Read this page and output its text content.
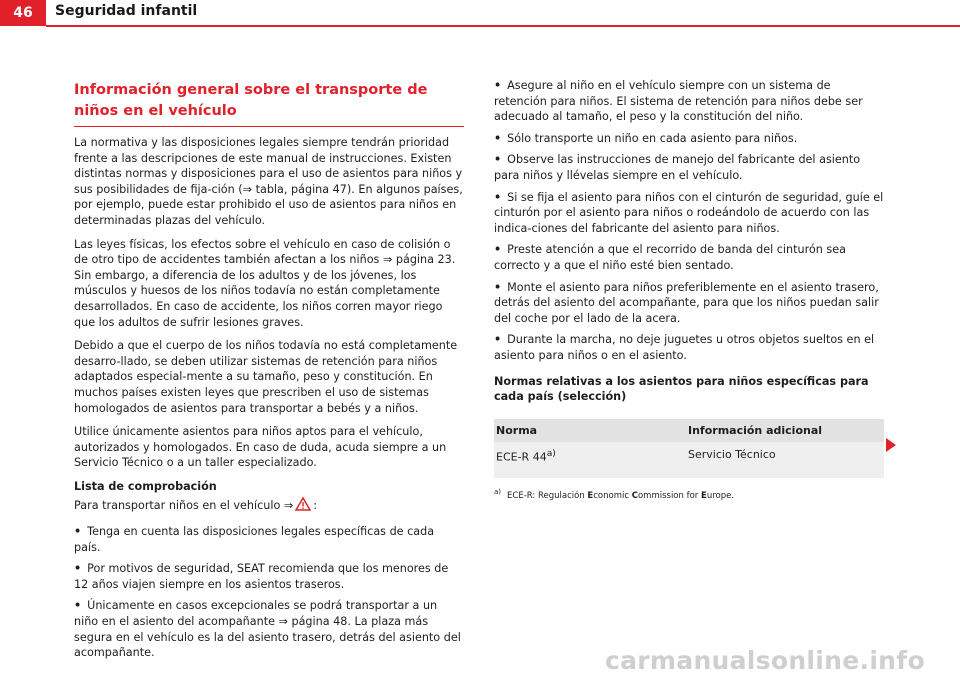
46	Seguridad infantil
Información general sobre el transporte de niños en el vehículo

La normativa y las disposiciones legales siempre tendrán prioridad frente a las descripciones de este manual de instrucciones. Existen distintas normas y disposiciones para el uso de asientos para niños y sus posibilidades de fija-ción (⇒ tabla, página 47). En algunos países, por ejemplo, puede estar prohibido el uso de asientos para niños en determinadas plazas del vehículo.

Las leyes físicas, los efectos sobre el vehículo en caso de colisión o de otro tipo de accidentes también afectan a los niños ⇒ página 23. Sin embargo, a diferencia de los adultos y de los jóvenes, los músculos y huesos de los niños todavía no están completamente desarrollados. En caso de accidente, los niños corren mayor riego que los adultos de sufrir lesiones graves.

Debido a que el cuerpo de los niños todavía no está completamente desarro-llado, se deben utilizar sistemas de retención para niños adaptados especial-mente a su tamaño, peso y constitución. En muchos países existen leyes que prescriben el uso de sistemas homologados de asientos para transportar a bebés y a niños.

Utilice únicamente asientos para niños aptos para el vehículo, autorizados y homologados. En caso de duda, acuda siempre a un Servicio Técnico o a un taller especializado.

Lista de comprobación

Para transportar niños en el vehículo ⇒ :

• Tenga en cuenta las disposiciones legales específicas de cada país.
• Por motivos de seguridad, SEAT recomienda que los menores de 12 años viajen siempre en los asientos traseros.
• Únicamente en casos excepcionales se podrá transportar a un niño en el asiento del acompañante ⇒ página 48. La plaza más segura en el vehículo es la del asiento trasero, detrás del asiento del acompañante.
• Asegure al niño en el vehículo siempre con un sistema de retención para niños. El sistema de retención para niños debe ser adecuado al tamaño, el peso y la constitución del niño.
• Sólo transporte un niño en cada asiento para niños.
• Observe las instrucciones de manejo del fabricante del asiento para niños y llévelas siempre en el vehículo.
• Si se fija el asiento para niños con el cinturón de seguridad, guíe el cinturón por el asiento para niños o rodeándolo de acuerdo con las indica-ciones del fabricante del asiento para niños.
• Preste atención a que el recorrido de banda del cinturón sea correcto y a que el niño esté bien sentado.
• Monte el asiento para niños preferiblemente en el asiento trasero, detrás del asiento del acompañante, para que los niños puedan salir del coche por el lado de la acera.
• Durante la marcha, no deje juguetes u otros objetos sueltos en el asiento para niños o en el asiento.
Normas relativas a los asientos para niños específicas para cada país (selección)
Norma	Información adicional
ECE-R 44$^{a)}$	Servicio Técnico
$^{a)}$ ECE-R: Regulación Economic Commission for Europe.
carmanualsonline.info
